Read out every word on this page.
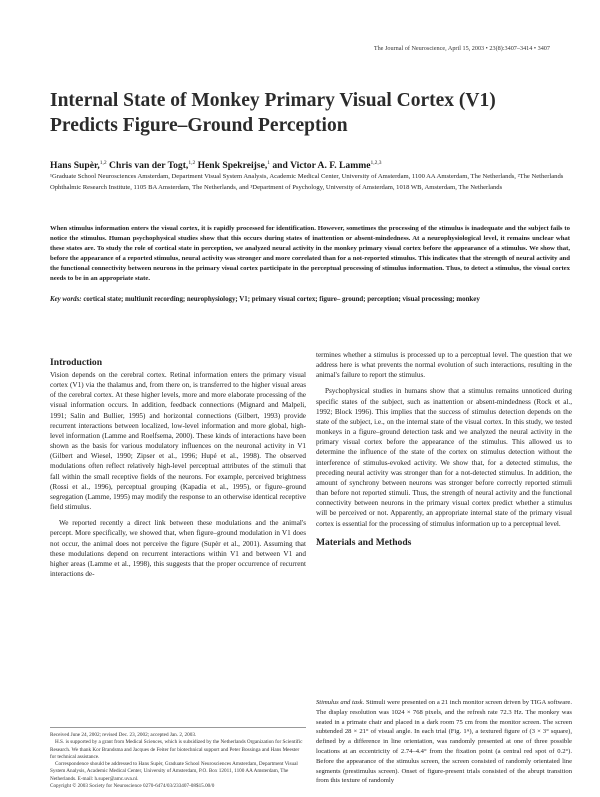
The Journal of Neuroscience, April 15, 2003 • 23(8):3407–3414 • 3407
Internal State of Monkey Primary Visual Cortex (V1)
Predicts Figure–Ground Perception
Hans Supèr,$^{1,2}$ Chris van der Togt,$^{1,2}$ Henk Spekreijse,$^1$ and Victor A. F. Lamme$^{1,2,3}$
¹Graduate School Neurosciences Amsterdam, Department Visual System Analysis, Academic Medical Center, University of Amsterdam, 1100 AA Amsterdam, The Netherlands, ²The Netherlands Ophthalmic Research Institute, 1105 BA Amsterdam, The Netherlands, and ³Department of Psychology, University of Amsterdam, 1018 WB, Amsterdam, The Netherlands
When stimulus information enters the visual cortex, it is rapidly processed for identification. However, sometimes the processing of the stimulus is inadequate and the subject fails to notice the stimulus. Human psychophysical studies show that this occurs during states of inattention or absent-mindedness. At a neurophysiological level, it remains unclear what these states are. To study the role of cortical state in perception, we analyzed neural activity in the monkey primary visual cortex before the appearance of a stimulus. We show that, before the appearance of a reported stimulus, neural activity was stronger and more correlated than for a not-reported stimulus. This indicates that the strength of neural activity and the functional connectivity between neurons in the primary visual cortex participate in the perceptual processing of stimulus information. Thus, to detect a stimulus, the visual cortex needs to be in an appropriate state.
Key words: cortical state; multiunit recording; neurophysiology; V1; primary visual cortex; figure– ground; perception; visual processing; monkey
Introduction

Vision depends on the cerebral cortex. Retinal information enters the primary visual cortex (V1) via the thalamus and, from there on, is transferred to the higher visual areas of the cerebral cortex. At these higher levels, more and more elaborate processing of the visual information occurs. In addition, feedback connections (Mignard and Malpeli, 1991; Salin and Bullier, 1995) and horizontal connections (Gilbert, 1993) provide recurrent interactions between localized, low-level information and more global, high-level information (Lamme and Roelfsema, 2000). These kinds of interactions have been shown as the basis for various modulatory influences on the neuronal activity in V1 (Gilbert and Wiesel, 1990; Zipser et al., 1996; Hupé et al., 1998). The observed modulations often reflect relatively high-level perceptual attributes of the stimuli that fall within the small receptive fields of the neurons. For example, perceived brightness (Rossi et al., 1996), perceptual grouping (Kapadia et al., 1995), or figure–ground segregation (Lamme, 1995) may modify the response to an otherwise identical receptive field stimulus.

We reported recently a direct link between these modulations and the animal's percept. More specifically, we showed that, when figure–ground modulation in V1 does not occur, the animal does not perceive the figure (Supèr et al., 2001). Assuming that these modulations depend on recurrent interactions within V1 and between V1 and higher areas (Lamme et al., 1998), this suggests that the proper occurrence of recurrent interactions de-

termines whether a stimulus is processed up to a perceptual level. The question that we address here is what prevents the normal evolution of such interactions, resulting in the animal's failure to report the stimulus.

Psychophysical studies in humans show that a stimulus remains unnoticed during specific states of the subject, such as inattention or absent-mindedness (Rock et al., 1992; Block 1996). This implies that the success of stimulus detection depends on the state of the subject, i.e., on the internal state of the visual cortex. In this study, we tested monkeys in a figure–ground detection task and we analyzed the neural activity in the primary visual cortex before the appearance of the stimulus. This allowed us to determine the influence of the state of the cortex on stimulus detection without the interference of stimulus-evoked activity. We show that, for a detected stimulus, the preceding neural activity was stronger than for a not-detected stimulus. In addition, the amount of synchrony between neurons was stronger before correctly reported stimuli than before not reported stimuli. Thus, the strength of neural activity and the functional connectivity between neurons in the primary visual cortex predict whether a stimulus will be perceived or not. Apparently, an appropriate internal state of the primary visual cortex is essential for the processing of stimulus information up to a perceptual level.

Materials and Methods
Stimulus and task. Stimuli were presented on a 21 inch monitor screen driven by TIGA software. The display resolution was 1024 × 768 pixels, and the refresh rate 72.3 Hz. The monkey was seated in a primate chair and placed in a dark room 75 cm from the monitor screen. The screen subtended 28 × 21° of visual angle. In each trial (Fig. 1ᴬ), a textured figure of (3 × 3° square), defined by a difference in line orientation, was randomly presented at one of three possible locations at an eccentricity of 2.74–4.4° from the fixation point (a central red spot of 0.2°). Before the appearance of the stimulus screen, the screen consisted of randomly orientated line segments (prestimulus screen). Onset of figure-present trials consisted of the abrupt transition from this texture of randomly

Received June 24, 2002; revised Dec. 23, 2002; accepted Jan. 2, 2003.

H.S. is supported by a grant from Medical Sciences, which is subsidized by the Netherlands Organization for Scientific Research. We thank Kor Brandsma and Jacques de Feiter for biotechnical support and Peter Bossinga and Hans Meester for technical assistance.

Correspondence should be addressed to Hans Supèr, Graduate School Neurosciences Amsterdam, Department Visual System Analysis, Academic Medical Center, University of Amsterdam, P.O. Box 12011, 1100 AA Amsterdam, The Netherlands. E-mail: h.super@amc.uva.nl.

Copyright © 2003 Society for Neuroscience 0270-6474/03/233407-08$15.00/0
